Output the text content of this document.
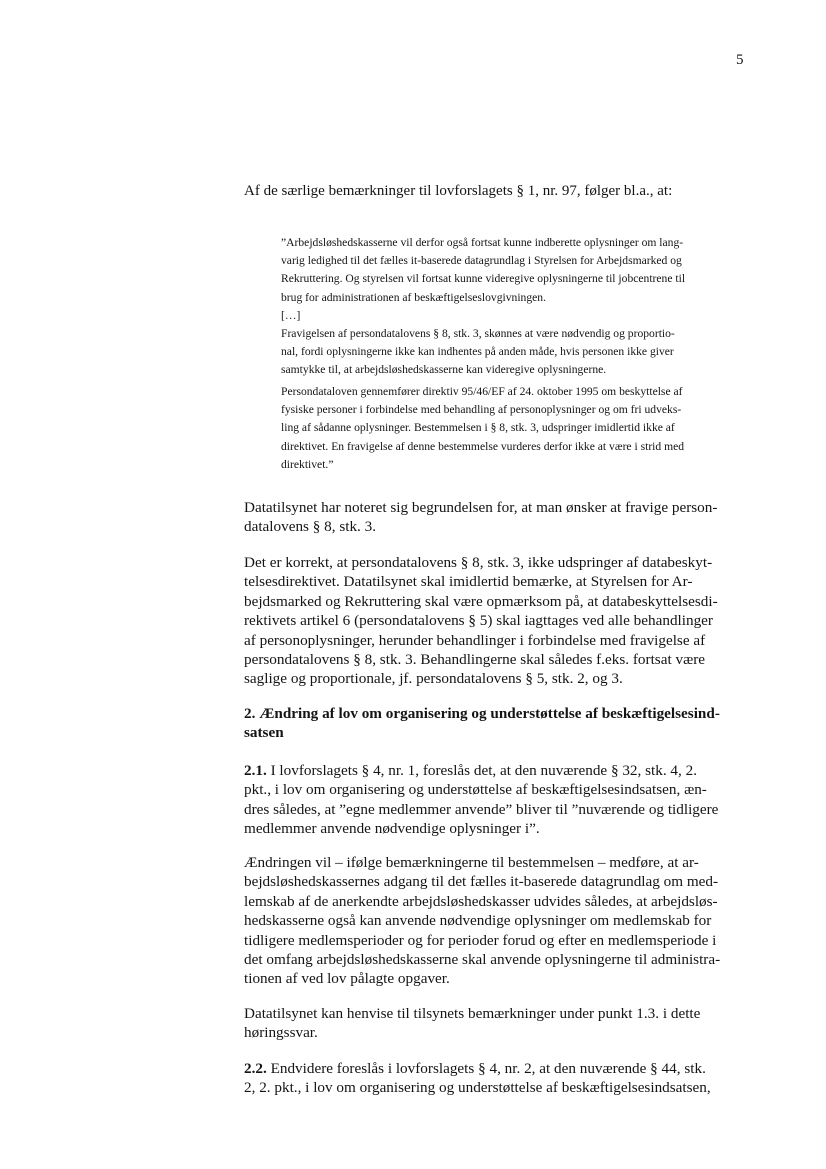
5
Af de særlige bemærkninger til lovforslagets § 1, nr. 97, følger bl.a., at:
”Arbejdsløshedskasserne vil derfor også fortsat kunne indberette oplysninger om lang-
varig ledighed til det fælles it-baserede datagrundlag i Styrelsen for Arbejdsmarked og
Rekruttering. Og styrelsen vil fortsat kunne videregive oplysningerne til jobcentrene til
brug for administrationen af beskæftigelseslovgivningen.
[…]
Fravigelsen af persondatalovens § 8, stk. 3, skønnes at være nødvendig og proportio-
nal, fordi oplysningerne ikke kan indhentes på anden måde, hvis personen ikke giver
samtykke til, at arbejdsløshedskasserne kan videregive oplysningerne.
Persondataloven gennemfører direktiv 95/46/EF af 24. oktober 1995 om beskyttelse af
fysiske personer i forbindelse med behandling af personoplysninger og om fri udveks-
ling af sådanne oplysninger. Bestemmelsen i § 8, stk. 3, udspringer imidlertid ikke af
direktivet. En fravigelse af denne bestemmelse vurderes derfor ikke at være i strid med
direktivet.”
Datatilsynet har noteret sig begrundelsen for, at man ønsker at fravige person-
datalovens § 8, stk. 3.
Det er korrekt, at persondatalovens § 8, stk. 3, ikke udspringer af databeskyt-
telsesdirektivet. Datatilsynet skal imidlertid bemærke, at Styrelsen for Ar-
bejdsmarked og Rekruttering skal være opmærksom på, at databeskyttelsesdi-
rektivets artikel 6 (persondatalovens § 5) skal iagttages ved alle behandlinger
af personoplysninger, herunder behandlinger i forbindelse med fravigelse af
persondatalovens § 8, stk. 3. Behandlingerne skal således f.eks. fortsat være
saglige og proportionale, jf. persondatalovens § 5, stk. 2, og 3.
2. Ændring af lov om organisering og understøttelse af beskæftigelsesind-
satsen
2.1. I lovforslagets § 4, nr. 1, foreslås det, at den nuværende § 32, stk. 4, 2.
pkt., i lov om organisering og understøttelse af beskæftigelsesindsatsen, æn-
dres således, at ”egne medlemmer anvende” bliver til ”nuværende og tidligere
medlemmer anvende nødvendige oplysninger i”.
Ændringen vil – ifølge bemærkningerne til bestemmelsen – medføre, at ar-
bejdsløshedskassernes adgang til det fælles it-baserede datagrundlag om med-
lemskab af de anerkendte arbejdsløshedskasser udvides således, at arbejdsløs-
hedskasserne også kan anvende nødvendige oplysninger om medlemskab for
tidligere medlemsperioder og for perioder forud og efter en medlemsperiode i
det omfang arbejdsløshedskasserne skal anvende oplysningerne til administra-
tionen af ved lov pålagte opgaver.
Datatilsynet kan henvise til tilsynets bemærkninger under punkt 1.3. i dette
høringssvar.
2.2. Endvidere foreslås i lovforslagets § 4, nr. 2, at den nuværende § 44, stk.
2, 2. pkt., i lov om organisering og understøttelse af beskæftigelsesindsatsen,
